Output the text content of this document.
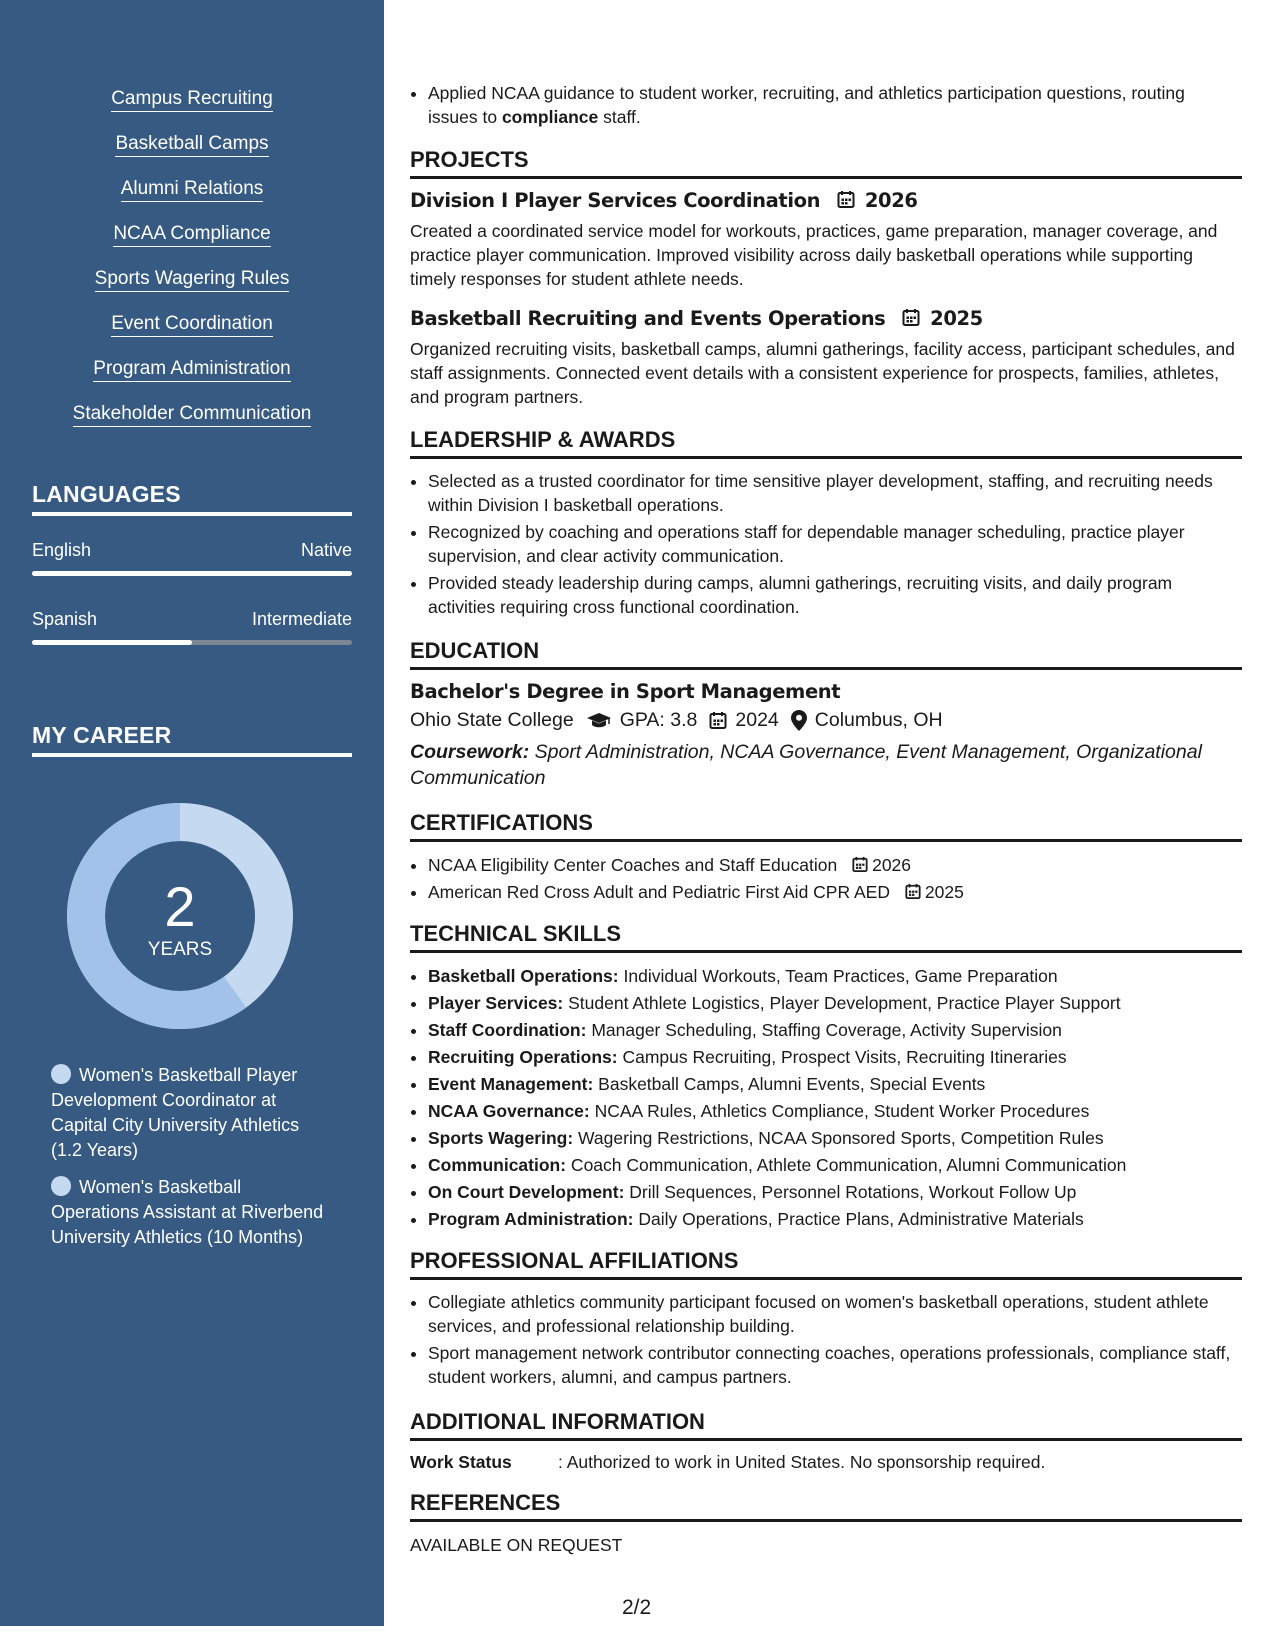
Campus Recruiting
Basketball Camps
Alumni Relations
NCAA Compliance
Sports Wagering Rules
Event Coordination
Program Administration
Stakeholder Communication
LANGUAGES
English	Native
Spanish	Intermediate
MY CAREER
2
YEARS
Women's Basketball Player Development Coordinator at Capital City University Athletics (1.2 Years)
Women's Basketball Operations Assistant at Riverbend University Athletics (10 Months)
• Applied NCAA guidance to student worker, recruiting, and athletics participation questions, routing issues to compliance staff.
PROJECTS
Division I Player Services Coordination 2026
Created a coordinated service model for workouts, practices, game preparation, manager coverage, and practice player communication. Improved visibility across daily basketball operations while supporting timely responses for student athlete needs.
Basketball Recruiting and Events Operations 2025
Organized recruiting visits, basketball camps, alumni gatherings, facility access, participant schedules, and staff assignments. Connected event details with a consistent experience for prospects, families, athletes, and program partners.
LEADERSHIP & AWARDS
• Selected as a trusted coordinator for time sensitive player development, staffing, and recruiting needs within Division I basketball operations.
• Recognized by coaching and operations staff for dependable manager scheduling, practice player supervision, and clear activity communication.
• Provided steady leadership during camps, alumni gatherings, recruiting visits, and daily program activities requiring cross functional coordination.
EDUCATION
Bachelor's Degree in Sport Management
Ohio State College GPA: 3.8 2024 Columbus, OH
Coursework: Sport Administration, NCAA Governance, Event Management, Organizational Communication
CERTIFICATIONS
• NCAA Eligibility Center Coaches and Staff Education 2026
• American Red Cross Adult and Pediatric First Aid CPR AED 2025
TECHNICAL SKILLS
• Basketball Operations: Individual Workouts, Team Practices, Game Preparation
• Player Services: Student Athlete Logistics, Player Development, Practice Player Support
• Staff Coordination: Manager Scheduling, Staffing Coverage, Activity Supervision
• Recruiting Operations: Campus Recruiting, Prospect Visits, Recruiting Itineraries
• Event Management: Basketball Camps, Alumni Events, Special Events
• NCAA Governance: NCAA Rules, Athletics Compliance, Student Worker Procedures
• Sports Wagering: Wagering Restrictions, NCAA Sponsored Sports, Competition Rules
• Communication: Coach Communication, Athlete Communication, Alumni Communication
• On Court Development: Drill Sequences, Personnel Rotations, Workout Follow Up
• Program Administration: Daily Operations, Practice Plans, Administrative Materials
PROFESSIONAL AFFILIATIONS
• Collegiate athletics community participant focused on women's basketball operations, student athlete services, and professional relationship building.
• Sport management network contributor connecting coaches, operations professionals, compliance staff, student workers, alumni, and campus partners.
ADDITIONAL INFORMATION
Work Status	: Authorized to work in United States. No sponsorship required.
REFERENCES
AVAILABLE ON REQUEST
2/2
